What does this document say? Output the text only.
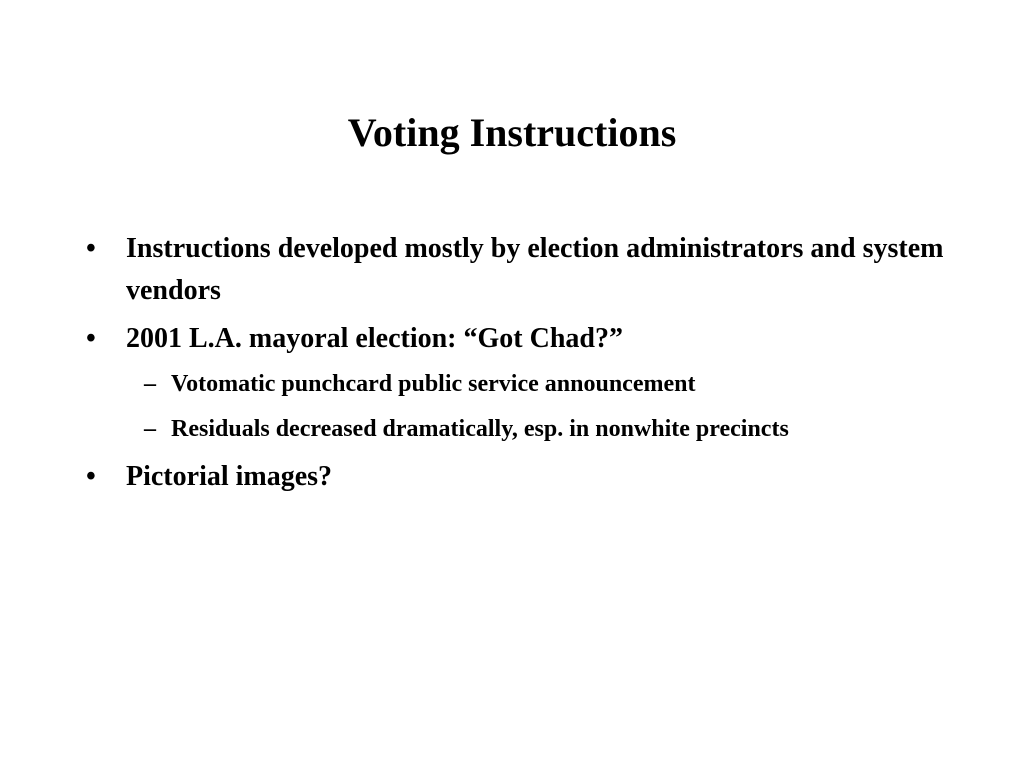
Voting Instructions
•	Instructions developed mostly by election administrators and system vendors
•	2001 L.A. mayoral election: “Got Chad?”
– Votomatic punchcard public service announcement
– Residuals decreased dramatically, esp. in nonwhite precincts
•	Pictorial images?
